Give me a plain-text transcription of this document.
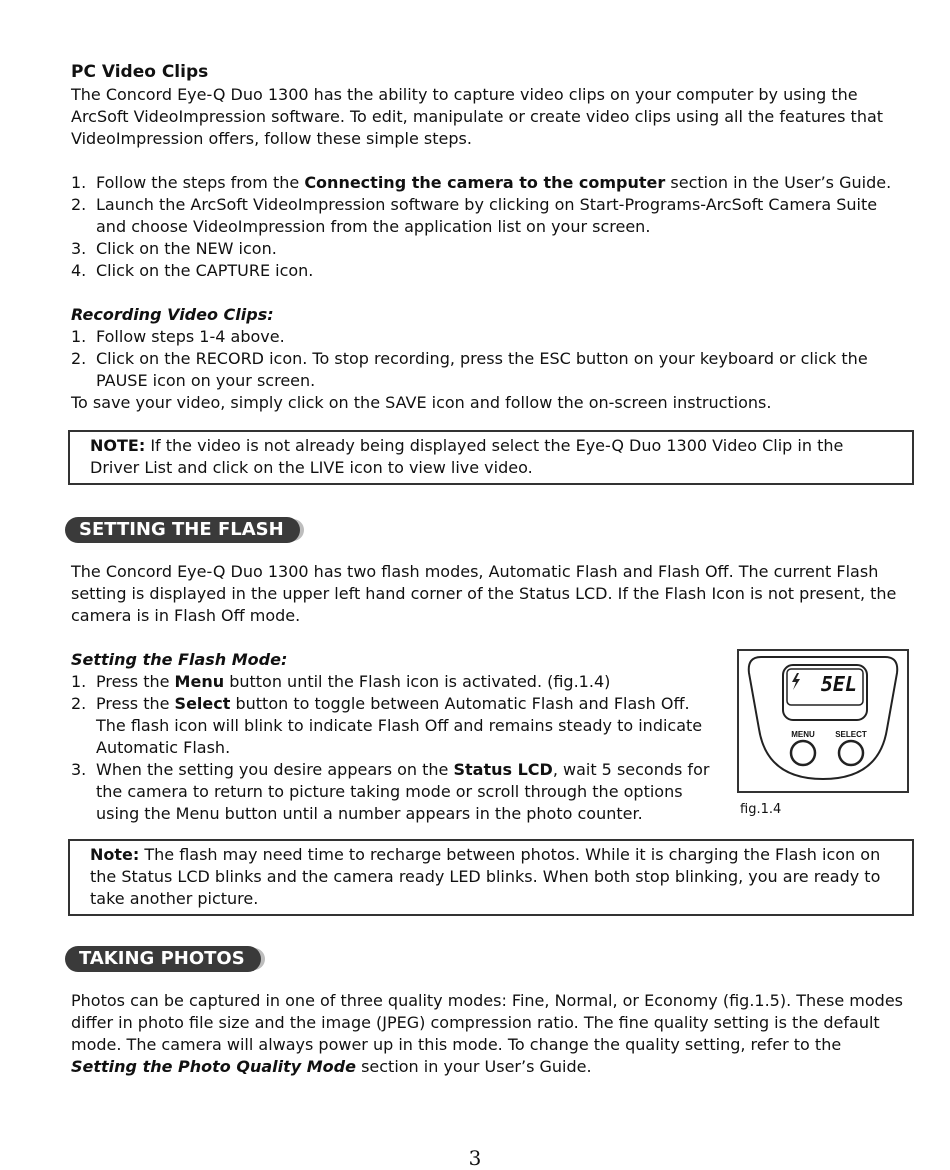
PC Video Clips

The Concord Eye-Q Duo 1300 has the ability to capture video clips on your computer by using the ArcSoft VideoImpression software. To edit, manipulate or create video clips using all the features that VideoImpression offers, follow these simple steps.

1. Follow the steps from the Connecting the camera to the computer section in the User’s Guide.
2. Launch the ArcSoft VideoImpression software by clicking on Start-Programs-ArcSoft Camera Suite and choose VideoImpression from the application list on your screen.
3. Click on the NEW icon.
4. Click on the CAPTURE icon.

Recording Video Clips:

1. Follow steps 1-4 above.
2. Click on the RECORD icon. To stop recording, press the ESC button on your keyboard or click the PAUSE icon on your screen.

To save your video, simply click on the SAVE icon and follow the on-screen instructions.

NOTE: If the video is not already being displayed select the Eye-Q Duo 1300 Video Clip in the Driver List and click on the LIVE icon to view live video.
SETTING THE FLASH

The Concord Eye-Q Duo 1300 has two flash modes, Automatic Flash and Flash Off. The current Flash setting is displayed in the upper left hand corner of the Status LCD. If the Flash Icon is not present, the camera is in Flash Off mode.

Setting the Flash Mode:

1. Press the Menu button until the Flash icon is activated. (fig.1.4)
2. Press the Select button to toggle between Automatic Flash and Flash Off. The flash icon will blink to indicate Flash Off and remains steady to indicate Automatic Flash.
3. When the setting you desire appears on the Status LCD, wait 5 seconds for the camera to return to picture taking mode or scroll through the options using the Menu button until a number appears in the photo counter.
5EL
MENU	SELECT
fig.1.4
Note: The flash may need time to recharge between photos. While it is charging the Flash icon on the Status LCD blinks and the camera ready LED blinks. When both stop blinking, you are ready to take another picture.
TAKING PHOTOS

Photos can be captured in one of three quality modes: Fine, Normal, or Economy (fig.1.5). These modes differ in photo file size and the image (JPEG) compression ratio. The fine quality setting is the default mode. The camera will always power up in this mode. To change the quality setting, refer to the Setting the Photo Quality Mode section in your User’s Guide.

3
